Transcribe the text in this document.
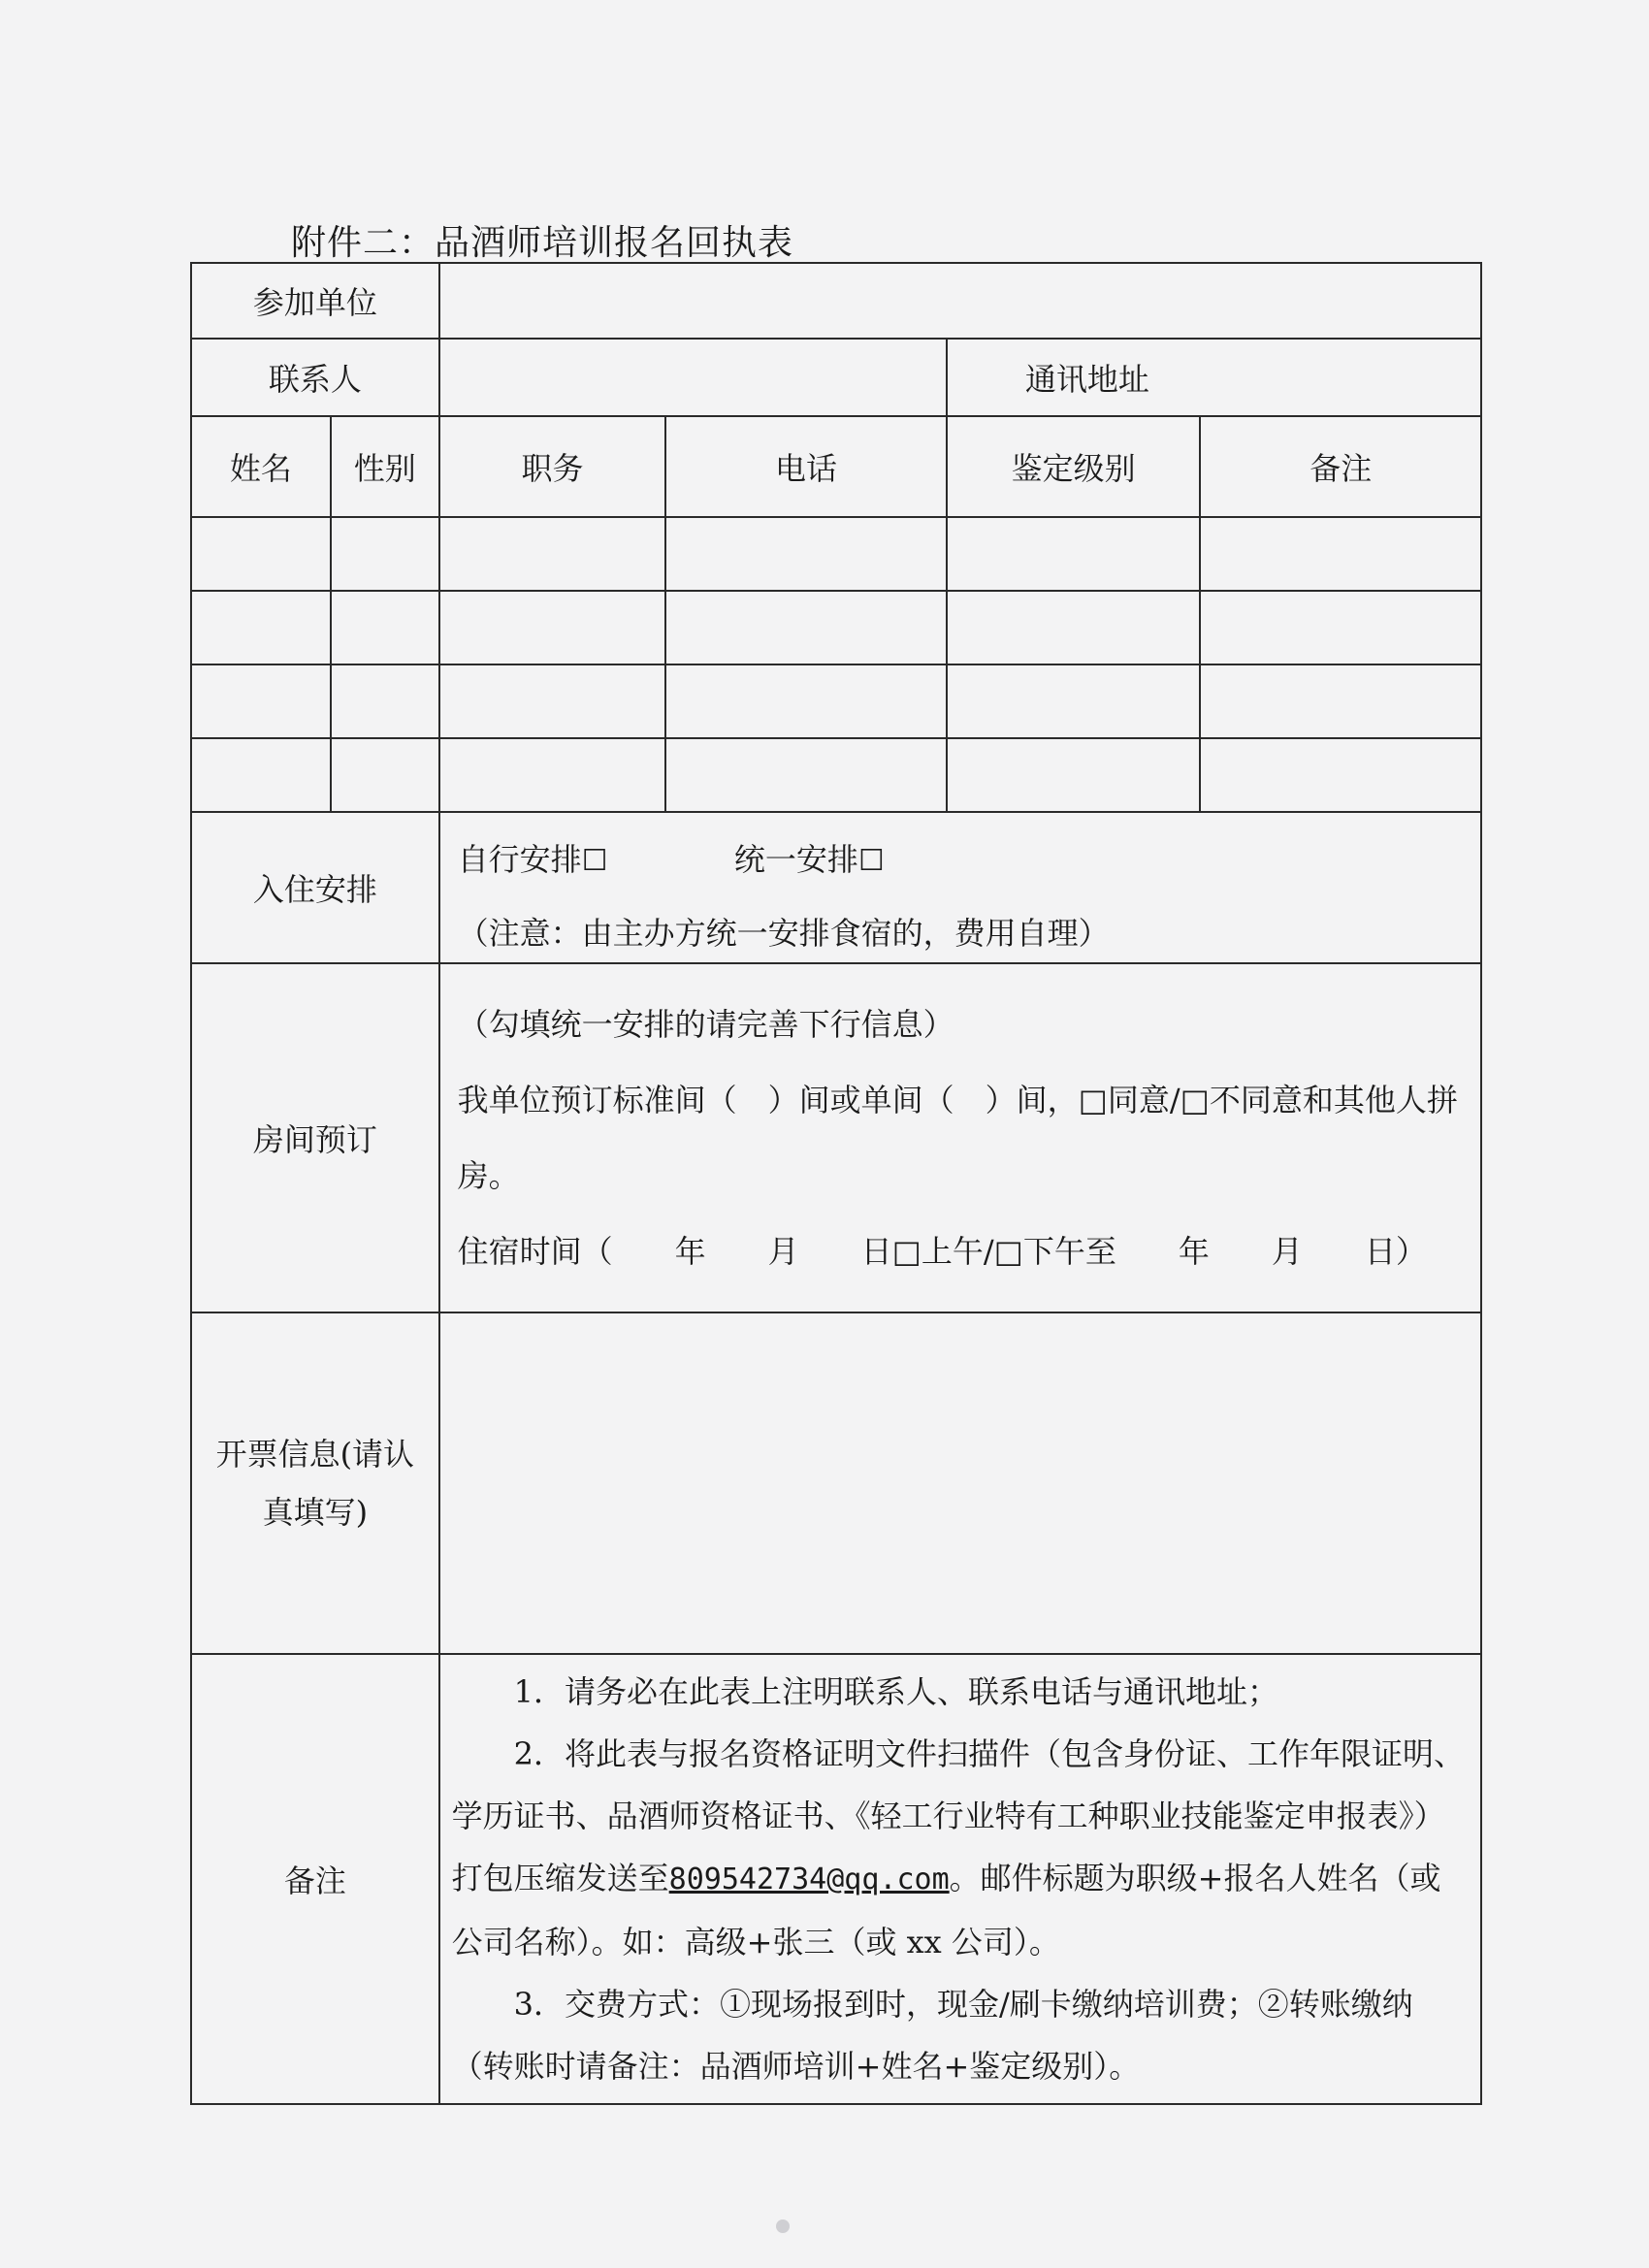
附件二：品酒师培训报名回执表
参加单位					
联系人				通讯地址	
姓名	性别	职务	电话	鉴定级别	备注

入住安排		自行安排☐ 统一安排☐
（注意：由主办方统一安排食宿的，费用自理）			

房间预订		（勾填统一安排的请完善下行信息）

我单位预订标准间（　）间或单间（　）间，□同意/□不同意和其他人拼房。

住宿时间（　　年　　月　　日□上午/□下午至　　年　　月　　日）			

开票信息(请认真填写)					
备注		1．请务必在此表上注明联系人、联系电话与通讯地址；

2．将此表与报名资格证明文件扫描件（包含身份证、工作年限证明、学历证书、品酒师资格证书、《轻工行业特有工种职业技能鉴定申报表》）打包压缩发送至809542734@qq.com。邮件标题为职级+报名人姓名（或公司名称）。如：高级+张三（或 xx 公司）。

3．交费方式：①现场报到时，现金/刷卡缴纳培训费；②转账缴纳（转账时请备注：品酒师培训+姓名+鉴定级别）。			
